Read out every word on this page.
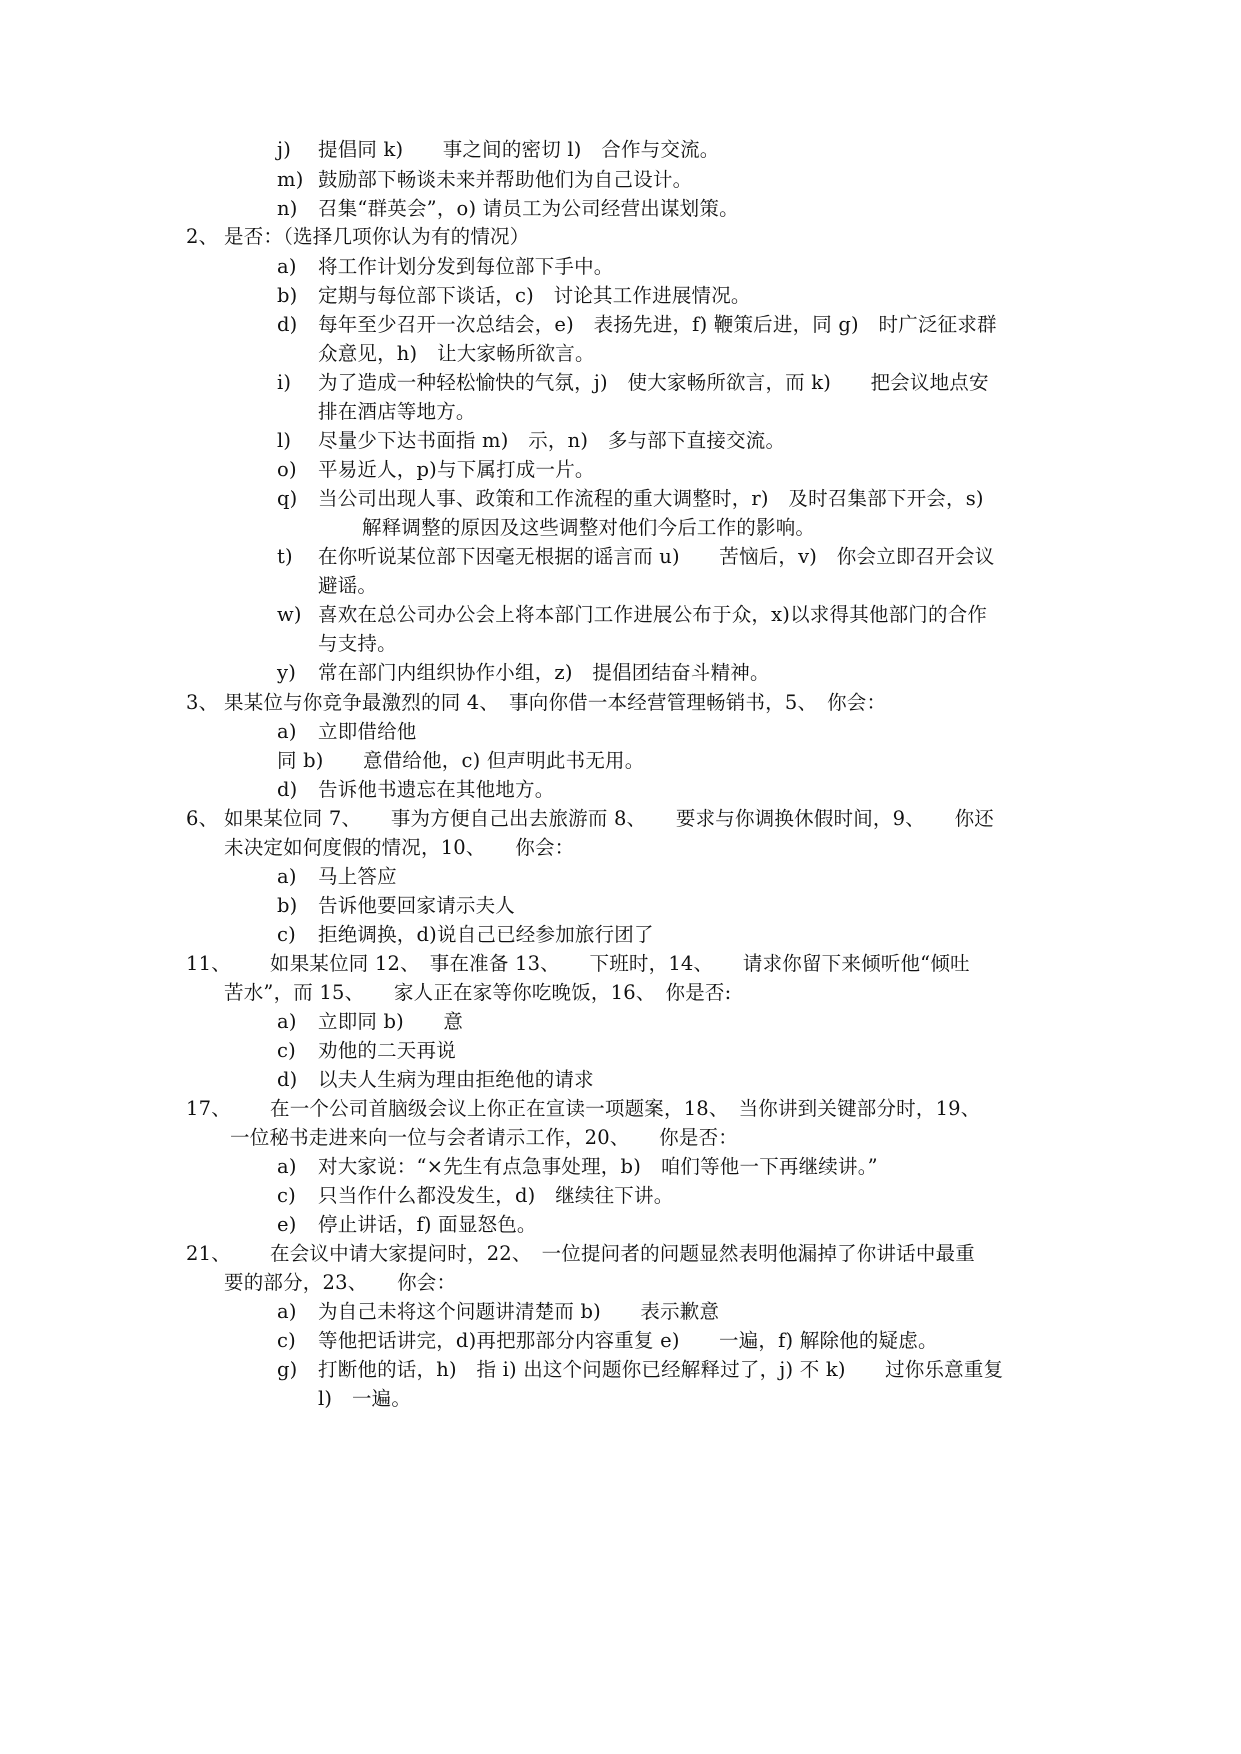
j) 提倡同 k)　　事之间的密切 l)　合作与交流。
m) 鼓励部下畅谈未来并帮助他们为自己设计。
n) 召集“群英会”，o) 请员工为公司经营出谋划策。
2、 是否：（选择几项你认为有的情况）
a) 将工作计划分发到每位部下手中。
b) 定期与每位部下谈话，c)　讨论其工作进展情况。
d) 每年至少召开一次总结会，e)　表扬先进，f) 鞭策后进，同 g)　时广泛征求群
众意见，h)　让大家畅所欲言。
i) 为了造成一种轻松愉快的气氛，j)　使大家畅所欲言，而 k)　　把会议地点安
排在酒店等地方。
l) 尽量少下达书面指 m)　示，n)　多与部下直接交流。
o) 平易近人，p)与下属打成一片。
q) 当公司出现人事、政策和工作流程的重大调整时，r)　及时召集部下开会，s)
解释调整的原因及这些调整对他们今后工作的影响。
t) 在你听说某位部下因毫无根据的谣言而 u)　　苦恼后，v)　你会立即召开会议
避谣。
w) 喜欢在总公司办公会上将本部门工作进展公布于众，x)以求得其他部门的合作
与支持。
y) 常在部门内组织协作小组，z)　提倡团结奋斗精神。
3、 果某位与你竞争最激烈的同 4、　事向你借一本经营管理畅销书，5、　你会：
a) 立即借给他
同 b)　　意借给他，c) 但声明此书无用。
d) 告诉他书遗忘在其他地方。
6、 如果某位同 7、　　事为方便自己出去旅游而 8、　　要求与你调换休假时间，9、　　你还
未决定如何度假的情况，10、　　你会：
a) 马上答应
b) 告诉他要回家请示夫人
c) 拒绝调换，d)说自己已经参加旅行团了
11、 如果某位同 12、　事在准备 13、　　下班时，14、　　请求你留下来倾听他“倾吐
苦水”，而 15、　　家人正在家等你吃晚饭，16、　你是否:
a) 立即同 b)　　意
c) 劝他的二天再说
d) 以夫人生病为理由拒绝他的请求
17、 在一个公司首脑级会议上你正在宣读一项题案，18、　当你讲到关键部分时，19、
一位秘书走进来向一位与会者请示工作，20、　　你是否：
a) 对大家说：“×先生有点急事处理，b)　咱们等他一下再继续讲。”
c) 只当作什么都没发生，d)　继续往下讲。
e) 停止讲话，f) 面显怒色。
21、 在会议中请大家提问时，22、　一位提问者的问题显然表明他漏掉了你讲话中最重
要的部分，23、　　你会：
a) 为自己未将这个问题讲清楚而 b)　　表示歉意
c) 等他把话讲完，d)再把那部分内容重复 e)　　一遍，f) 解除他的疑虑。
g) 打断他的话，h)　指 i) 出这个问题你已经解释过了，j) 不 k)　　过你乐意重复
l)　一遍。
